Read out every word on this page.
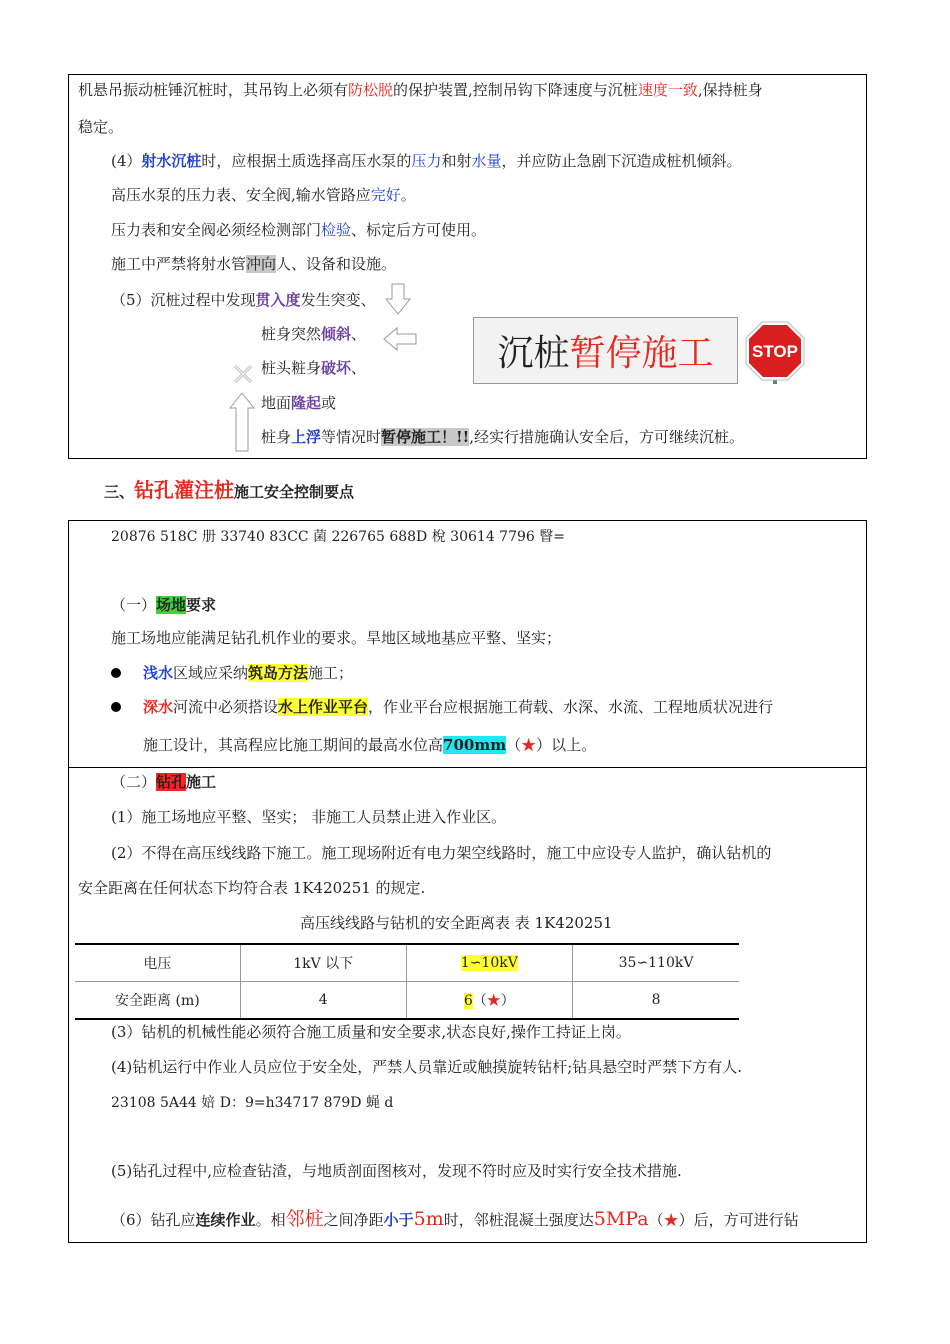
机悬吊振动桩锤沉桩时，其吊钩上必须有防松脱的保护装置,控制吊钩下降速度与沉桩速度一致,保持桩身
稳定。
(4）射水沉桩时，应根据土质选择高压水泵的压力和射水量，并应防止急剧下沉造成桩机倾斜。
高压水泵的压力表、安全阀,输水管路应完好。
压力表和安全阀必须经检测部门检验、标定后方可使用。
施工中严禁将射水管冲向人、设备和设施。
（5）沉桩过程中发现贯入度发生突变、
桩身突然倾斜、
桩头粧身破坏、
地面隆起或
桩身上浮等情况时暂停施工！!!,经实行措施确认安全后，方可继续沉桩。
沉桩 暂停施工 STOP
三、钻孔灌注桩施工安全控制要点
20876 518C 册 33740 83CC 菌 226765 688D 梲 30614 7796 瞖=
（一）场地要求
施工场地应能满足钻孔机作业的要求。旱地区域地基应平整、坚实；
浅水区域应采纳筑岛方法施工；
深水河流中必须搭设水上作业平台，作业平台应根据施工荷载、水深、水流、工程地质状况进行
施工设计，其高程应比施工期间的最高水位高700mm（★）以上。
（二）钻孔施工
(1）施工场地应平整、坚实； 非施工人员禁止进入作业区。
(2）不得在高压线线路下施工。施工现场附近有电力架空线路时，施工中应设专人监护，确认钻机的
安全距离在任何状态下均符合表 1K420251 的规定.
高压线线路与钻机的安全距离表 表 1K420251
电压	1kV 以下	1∽10kV	35∽110kV
安全距离 (m)	4	6（★）	8
(3）钻机的机械性能必须符合施工质量和安全要求,状态良好,操作工持证上岗。
(4)钻机运行中作业人员应位于安全处，严禁人员靠近或触摸旋转钻杆;钻具悬空时严禁下方有人.
23108 5A44 婄 D：9=h34717 879D 蝇 d
(5)钻孔过程中,应检查钻渣，与地质剖面图核对，发现不符时应及时实行安全技术措施.
（6）钻孔应连续作业。相邻桩之间净距小于5m时，邻桩混凝土强度达5MPa（★）后，方可进行钻
